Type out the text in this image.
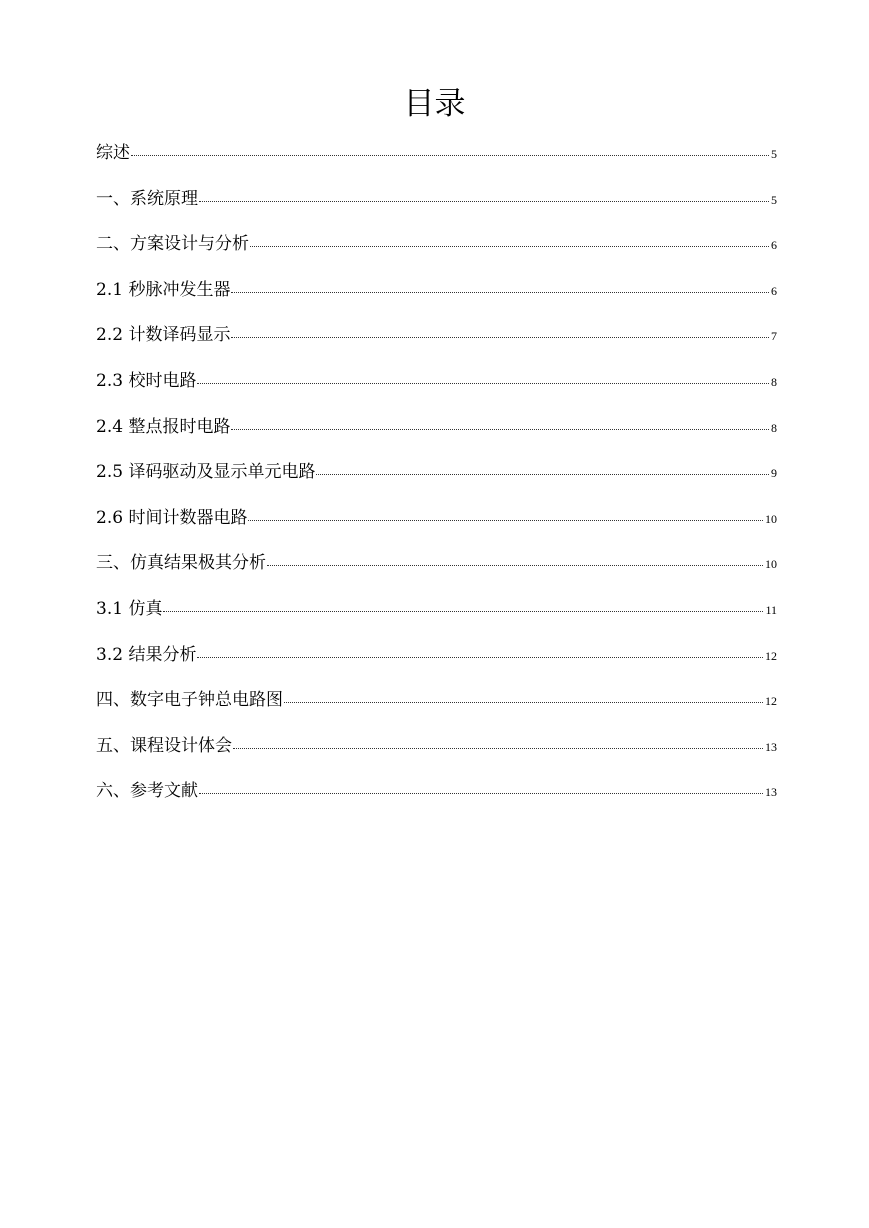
目录
综述	5
一、系统原理	5
二、方案设计与分析	6
2.1 秒脉冲发生器	6
2.2 计数译码显示	7
2.3 校时电路	8
2.4 整点报时电路	8
2.5 译码驱动及显示单元电路	9
2.6 时间计数器电路	10
三、仿真结果极其分析	10
3.1 仿真	11
3.2 结果分析	12
四、数字电子钟总电路图	12
五、课程设计体会	13
六、参考文献	13
